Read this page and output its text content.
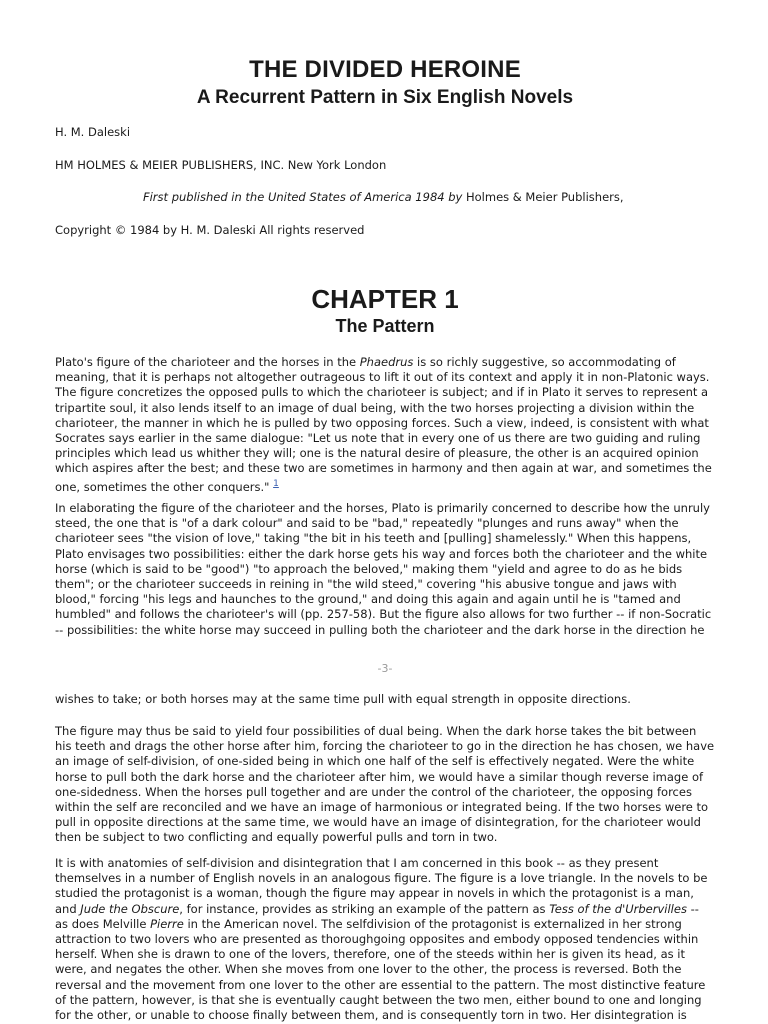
THE DIVIDED HEROINE
A Recurrent Pattern in Six English Novels
H. M. Daleski
HM HOLMES & MEIER PUBLISHERS, INC. New York London
First published in the United States of America 1984 by Holmes & Meier Publishers,
Copyright © 1984 by H. M. Daleski All rights reserved
CHAPTER 1
The Pattern
Plato's figure of the charioteer and the horses in the Phaedrus is so richly suggestive, so accommodating of meaning, that it is perhaps not altogether outrageous to lift it out of its context and apply it in non-Platonic ways. The figure concretizes the opposed pulls to which the charioteer is subject; and if in Plato it serves to represent a tripartite soul, it also lends itself to an image of dual being, with the two horses projecting a division within the charioteer, the manner in which he is pulled by two opposing forces. Such a view, indeed, is consistent with what Socrates says earlier in the same dialogue: "Let us note that in every one of us there are two guiding and ruling principles which lead us whither they will; one is the natural desire of pleasure, the other is an acquired opinion which aspires after the best; and these two are sometimes in harmony and then again at war, and sometimes the one, sometimes the other conquers." $^1$
In elaborating the figure of the charioteer and the horses, Plato is primarily concerned to describe how the unruly steed, the one that is "of a dark colour" and said to be "bad," repeatedly "plunges and runs away" when the charioteer sees "the vision of love," taking "the bit in his teeth and [pulling] shamelessly." When this happens, Plato envisages two possibilities: either the dark horse gets his way and forces both the charioteer and the white horse (which is said to be "good") "to approach the beloved," making them "yield and agree to do as he bids them"; or the charioteer succeeds in reining in "the wild steed," covering "his abusive tongue and jaws with blood," forcing "his legs and haunches to the ground," and doing this again and again until he is "tamed and humbled" and follows the charioteer's will (pp. 257-58). But the figure also allows for two further -- if non-Socratic -- possibilities: the white horse may succeed in pulling both the charioteer and the dark horse in the direction he
-3-
wishes to take; or both horses may at the same time pull with equal strength in opposite directions.
The figure may thus be said to yield four possibilities of dual being. When the dark horse takes the bit between his teeth and drags the other horse after him, forcing the charioteer to go in the direction he has chosen, we have an image of self-division, of one-sided being in which one half of the self is effectively negated. Were the white horse to pull both the dark horse and the charioteer after him, we would have a similar though reverse image of one-sidedness. When the horses pull together and are under the control of the charioteer, the opposing forces within the self are reconciled and we have an image of harmonious or integrated being. If the two horses were to pull in opposite directions at the same time, we would have an image of disintegration, for the charioteer would then be subject to two conflicting and equally powerful pulls and torn in two.
It is with anatomies of self-division and disintegration that I am concerned in this book -- as they present themselves in a number of English novels in an analogous figure. The figure is a love triangle. In the novels to be studied the protagonist is a woman, though the figure may appear in novels in which the protagonist is a man, and Jude the Obscure, for instance, provides as striking an example of the pattern as Tess of the d'Urbervilles -- as does Melville Pierre in the American novel. The selfdivision of the protagonist is externalized in her strong attraction to two lovers who are presented as thoroughgoing opposites and embody opposed tendencies within herself. When she is drawn to one of the lovers, therefore, one of the steeds within her is given its head, as it were, and negates the other. When she moves from one lover to the other, the process is reversed. Both the reversal and the movement from one lover to the other are essential to the pattern. The most distinctive feature of the pattern, however, is that she is eventually caught between the two men, either bound to one and longing for the other, or unable to choose finally between them, and is consequently torn in two. Her disintegration is
